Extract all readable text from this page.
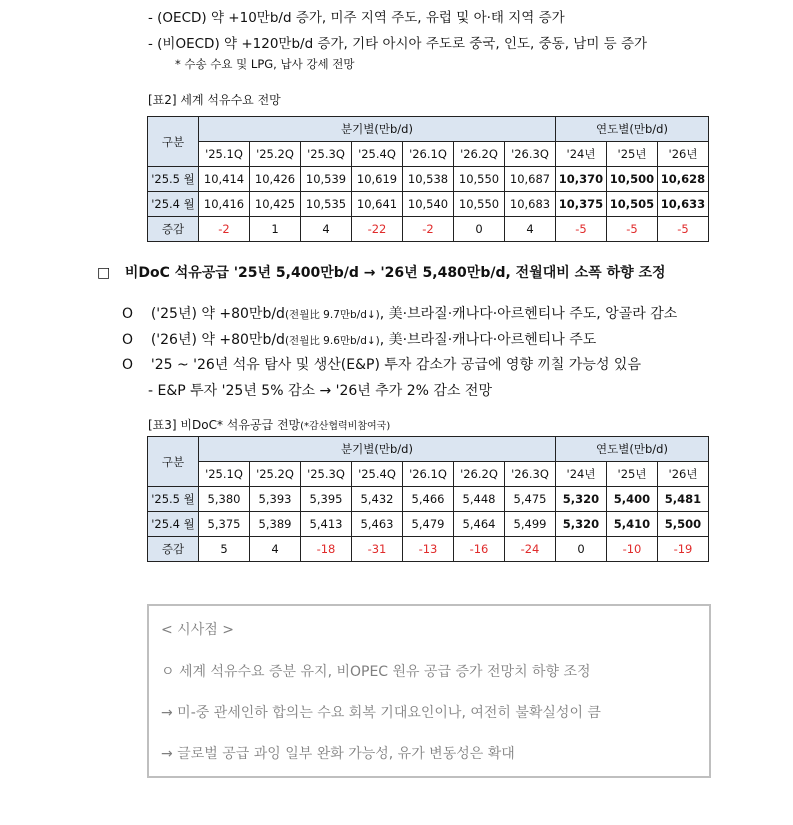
- (OECD) 약 +10만b/d 증가, 미주 지역 주도, 유럽 및 아·태 지역 증가
- (비OECD) 약 +120만b/d 증가, 기타 아시아 주도로 중국, 인도, 중동, 남미 등 증가
* 수송 수요 및 LPG, 납사 강세 전망
[표2] 세계 석유수요 전망
구분	분기별(만b/d)							연도별(만b/d)		
	'25.1Q	'25.2Q	'25.3Q	'25.4Q	'26.1Q	'26.2Q	'26.3Q	'24년	'25년	'26년
'25.5 월	10,414	10,426	10,539	10,619	10,538	10,550	10,687	10,370	10,500	10,628
'25.4 월	10,416	10,425	10,535	10,641	10,540	10,550	10,683	10,375	10,505	10,633
증감	-2	1	4	-22	-2	0	4	-5	-5	-5
□ 비DoC 석유공급 '25년 5,400만b/d → '26년 5,480만b/d, 전월대비 소폭 하향 조정
O ('25년) 약 +80만b/d(전월比 9.7만b/d↓), 美·브라질·캐나다·아르헨티나 주도, 앙골라 감소
O ('26년) 약 +80만b/d(전월比 9.6만b/d↓), 美·브라질·캐나다·아르헨티나 주도
O '25 ~ '26년 석유 탐사 및 생산(E&P) 투자 감소가 공급에 영향 끼칠 가능성 있음
- E&P 투자 '25년 5% 감소 → '26년 추가 2% 감소 전망
[표3] 비DoC* 석유공급 전망(*감산협력비참여국)
구분	분기별(만b/d)							연도별(만b/d)		
	'25.1Q	'25.2Q	'25.3Q	'25.4Q	'26.1Q	'26.2Q	'26.3Q	'24년	'25년	'26년
'25.5 월	5,380	5,393	5,395	5,432	5,466	5,448	5,475	5,320	5,400	5,481
'25.4 월	5,375	5,389	5,413	5,463	5,479	5,464	5,499	5,320	5,410	5,500
증감	5	4	-18	-31	-13	-16	-24	0	-10	-19
< 시사점 >
ㅇ 세계 석유수요 증분 유지, 비OPEC 원유 공급 증가 전망치 하향 조정
→ 미-중 관세인하 합의는 수요 회복 기대요인이나, 여전히 불확실성이 큼
→ 글로벌 공급 과잉 일부 완화 가능성, 유가 변동성은 확대
